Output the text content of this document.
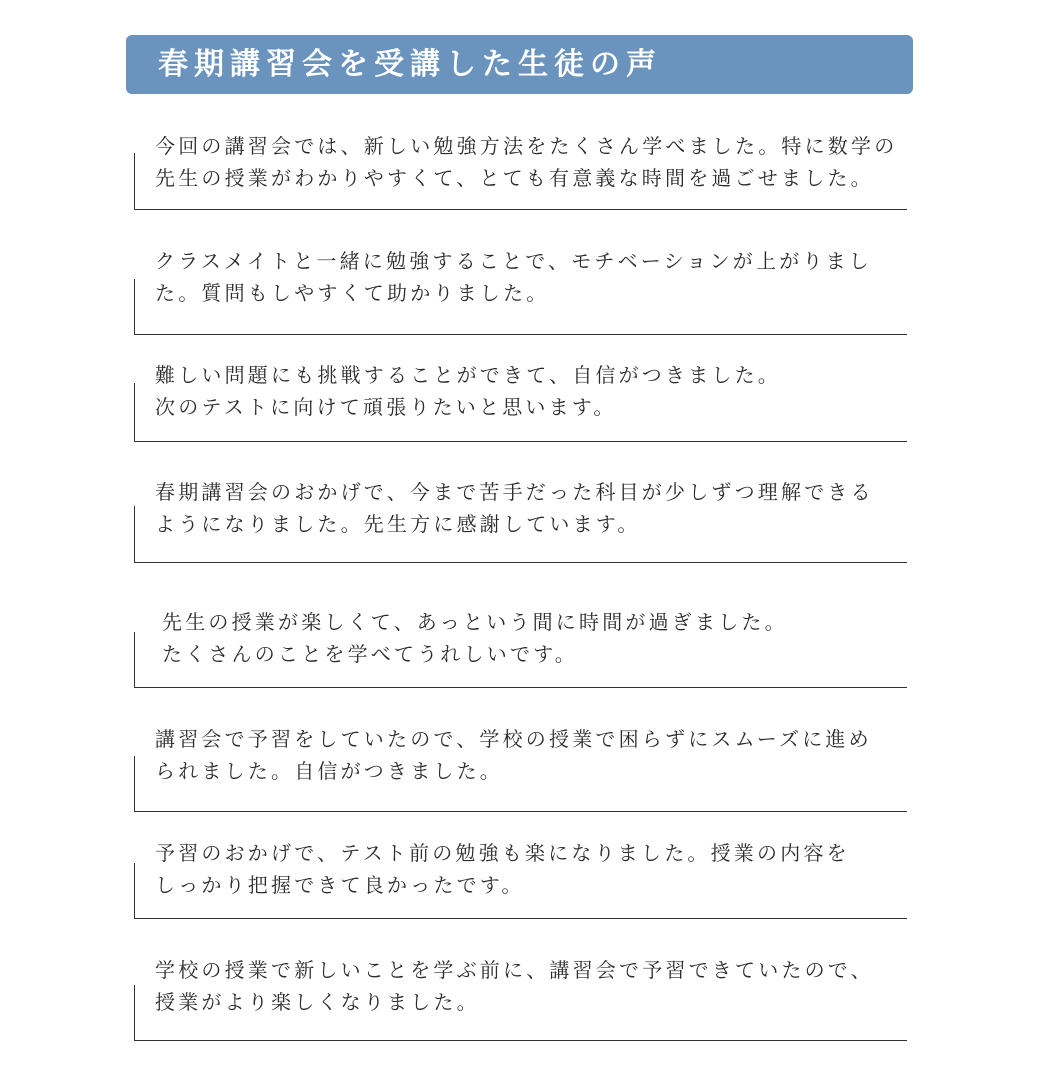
春期講習会を受講した生徒の声
今回の講習会では、新しい勉強方法をたくさん学べました。特に数学の
先生の授業がわかりやすくて、とても有意義な時間を過ごせました。
クラスメイトと一緒に勉強することで、モチベーションが上がりまし
た。質問もしやすくて助かりました。
難しい問題にも挑戦することができて、自信がつきました。
次のテストに向けて頑張りたいと思います。
春期講習会のおかげで、今まで苦手だった科目が少しずつ理解できる
ようになりました。先生方に感謝しています。
先生の授業が楽しくて、あっという間に時間が過ぎました。
たくさんのことを学べてうれしいです。
講習会で予習をしていたので、学校の授業で困らずにスムーズに進め
られました。自信がつきました。
予習のおかげで、テスト前の勉強も楽になりました。授業の内容を
しっかり把握できて良かったです。
学校の授業で新しいことを学ぶ前に、講習会で予習できていたので、
授業がより楽しくなりました。
